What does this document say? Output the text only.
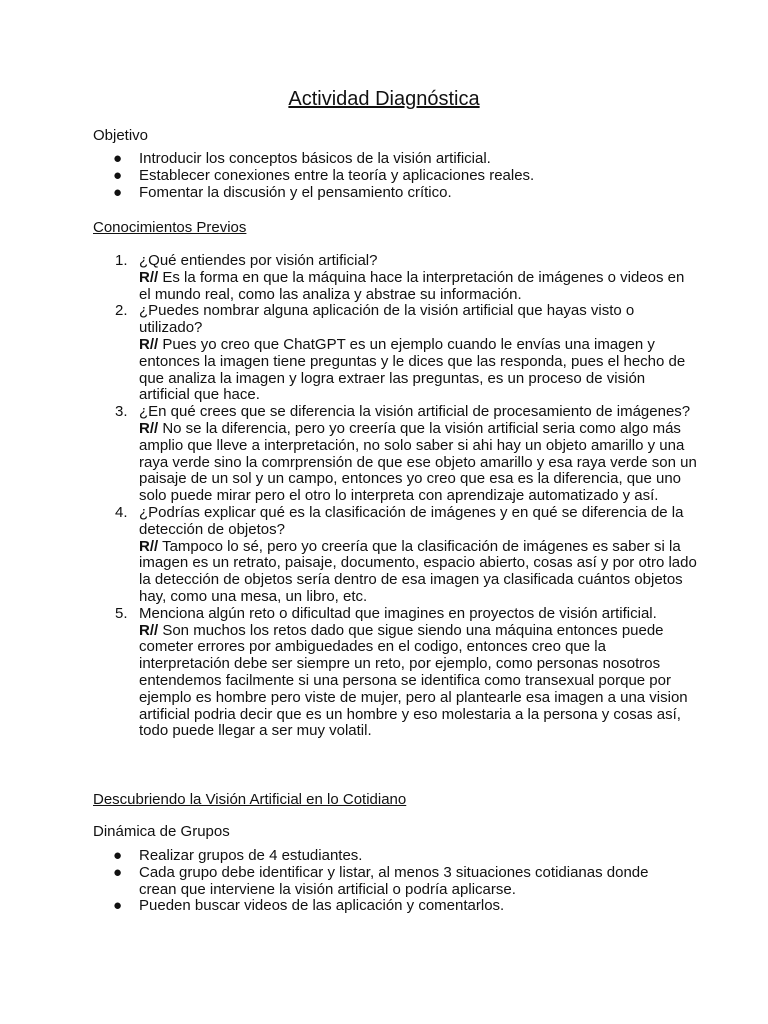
Actividad Diagnóstica
Objetivo
● Introducir los conceptos básicos de la visión artificial.
● Establecer conexiones entre la teoría y aplicaciones reales.
● Fomentar la discusión y el pensamiento crítico.
Conocimientos Previos
1. ¿Qué entiendes por visión artificial?
R// Es la forma en que la máquina hace la interpretación de imágenes o videos en el mundo real, como las analiza y abstrae su información.
2. ¿Puedes nombrar alguna aplicación de la visión artificial que hayas visto o utilizado?
R// Pues yo creo que ChatGPT es un ejemplo cuando le envías una imagen y entonces la imagen tiene preguntas y le dices que las responda, pues el hecho de que analiza la imagen y logra extraer las preguntas, es un proceso de visión artificial que hace.
3. ¿En qué crees que se diferencia la visión artificial de procesamiento de imágenes?
R// No se la diferencia, pero yo creería que la visión artificial seria como algo más amplio que lleve a interpretación, no solo saber si ahi hay un objeto amarillo y una raya verde sino la comrprensión de que ese objeto amarillo y esa raya verde son un paisaje de un sol y un campo, entonces yo creo que esa es la diferencia, que uno solo puede mirar pero el otro lo interpreta con aprendizaje automatizado y así.
4. ¿Podrías explicar qué es la clasificación de imágenes y en qué se diferencia de la detección de objetos?
R// Tampoco lo sé, pero yo creería que la clasificación de imágenes es saber si la imagen es un retrato, paisaje, documento, espacio abierto, cosas así y por otro lado la detección de objetos sería dentro de esa imagen ya clasificada cuántos objetos hay, como una mesa, un libro, etc.
5. Menciona algún reto o dificultad que imagines en proyectos de visión artificial.
R// Son muchos los retos dado que sigue siendo una máquina entonces puede cometer errores por ambiguedades en el codigo, entonces creo que la interpretación debe ser siempre un reto, por ejemplo, como personas nosotros entendemos facilmente si una persona se identifica como transexual porque por ejemplo es hombre pero viste de mujer, pero al plantearle esa imagen a una vision artificial podria decir que es un hombre y eso molestaria a la persona y cosas así, todo puede llegar a ser muy volatil.
Descubriendo la Visión Artificial en lo Cotidiano
Dinámica de Grupos
● Realizar grupos de 4 estudiantes.
● Cada grupo debe identificar y listar, al menos 3 situaciones cotidianas donde crean que interviene la visión artificial o podría aplicarse.
● Pueden buscar videos de las aplicación y comentarlos.
